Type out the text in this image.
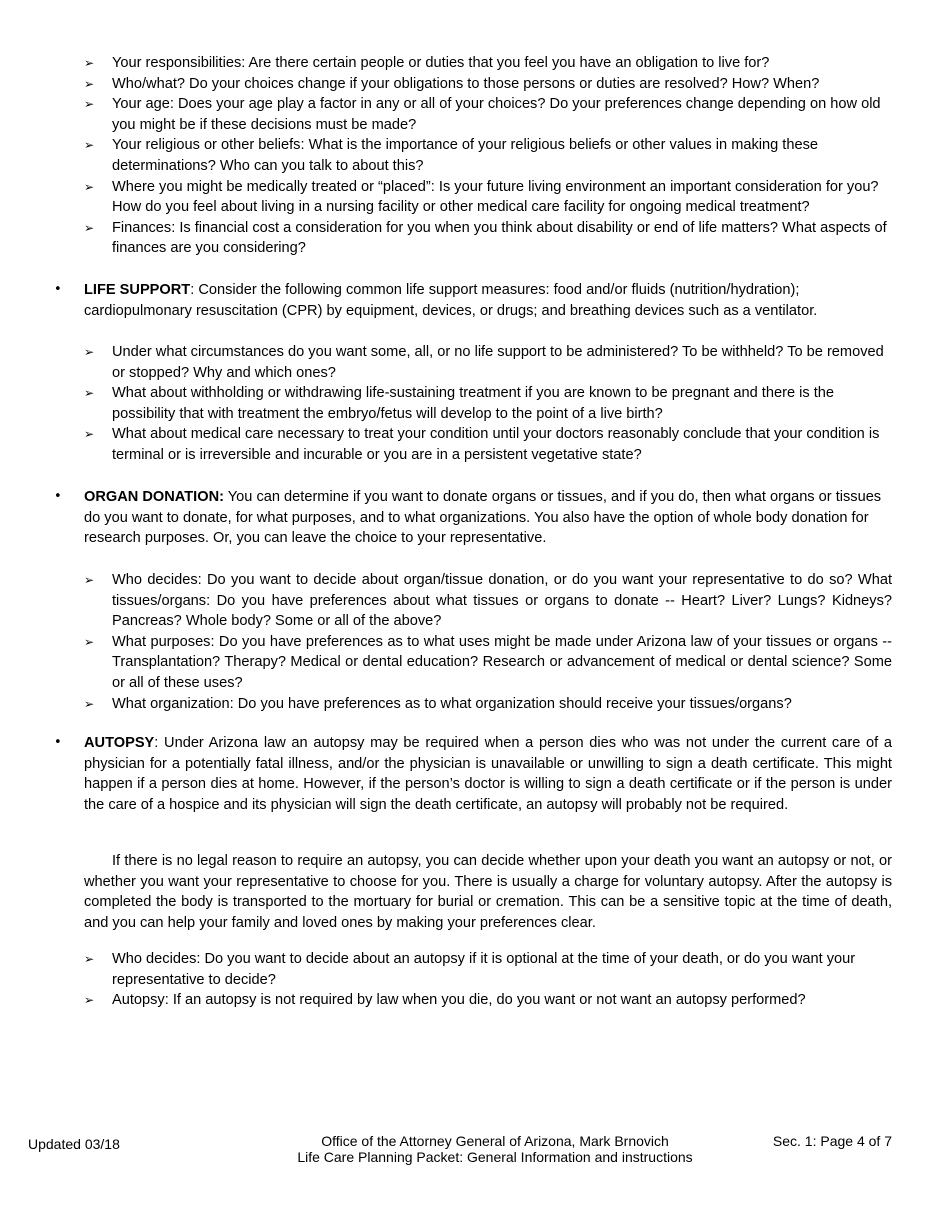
➢ Your responsibilities: Are there certain people or duties that you feel you have an obligation to live for?
➢ Who/what? Do your choices change if your obligations to those persons or duties are resolved? How? When?
➢ Your age: Does your age play a factor in any or all of your choices? Do your preferences change depending on how old you might be if these decisions must be made?
➢ Your religious or other beliefs: What is the importance of your religious beliefs or other values in making these determinations? Who can you talk to about this?
➢ Where you might be medically treated or “placed”: Is your future living environment an important consideration for you? How do you feel about living in a nursing facility or other medical care facility for ongoing medical treatment?
➢ Finances: Is financial cost a consideration for you when you think about disability or end of life matters? What aspects of finances are you considering?
• LIFE SUPPORT: Consider the following common life support measures: food and/or fluids (nutrition/hydration); cardiopulmonary resuscitation (CPR) by equipment, devices, or drugs; and breathing devices such as a ventilator.
➢ Under what circumstances do you want some, all, or no life support to be administered? To be withheld? To be removed or stopped? Why and which ones?
➢ What about withholding or withdrawing life-sustaining treatment if you are known to be pregnant and there is the possibility that with treatment the embryo/fetus will develop to the point of a live birth?
➢ What about medical care necessary to treat your condition until your doctors reasonably conclude that your condition is terminal or is irreversible and incurable or you are in a persistent vegetative state?
• ORGAN DONATION: You can determine if you want to donate organs or tissues, and if you do, then what organs or tissues do you want to donate, for what purposes, and to what organizations. You also have the option of whole body donation for research purposes. Or, you can leave the choice to your representative.
➢ Who decides: Do you want to decide about organ/tissue donation, or do you want your representative to do so? What tissues/organs: Do you have preferences about what tissues or organs to donate -- Heart? Liver? Lungs? Kidneys? Pancreas? Whole body? Some or all of the above?
➢ What purposes: Do you have preferences as to what uses might be made under Arizona law of your tissues or organs -- Transplantation? Therapy? Medical or dental education? Research or advancement of medical or dental science? Some or all of these uses?
➢ What organization: Do you have preferences as to what organization should receive your tissues/organs?
• AUTOPSY: Under Arizona law an autopsy may be required when a person dies who was not under the current care of a physician for a potentially fatal illness, and/or the physician is unavailable or unwilling to sign a death certificate. This might happen if a person dies at home. However, if the person’s doctor is willing to sign a death certificate or if the person is under the care of a hospice and its physician will sign the death certificate, an autopsy will probably not be required.
If there is no legal reason to require an autopsy, you can decide whether upon your death you want an autopsy or not, or whether you want your representative to choose for you. There is usually a charge for voluntary autopsy. After the autopsy is completed the body is transported to the mortuary for burial or cremation. This can be a sensitive topic at the time of death, and you can help your family and loved ones by making your preferences clear.
➢ Who decides: Do you want to decide about an autopsy if it is optional at the time of your death, or do you want your representative to decide?
➢ Autopsy: If an autopsy is not required by law when you die, do you want or not want an autopsy performed?
Updated 03/18	Office of the Attorney General of Arizona, Mark Brnovich
Life Care Planning Packet: General Information and instructions
Sec. 1: Page 4 of 7
